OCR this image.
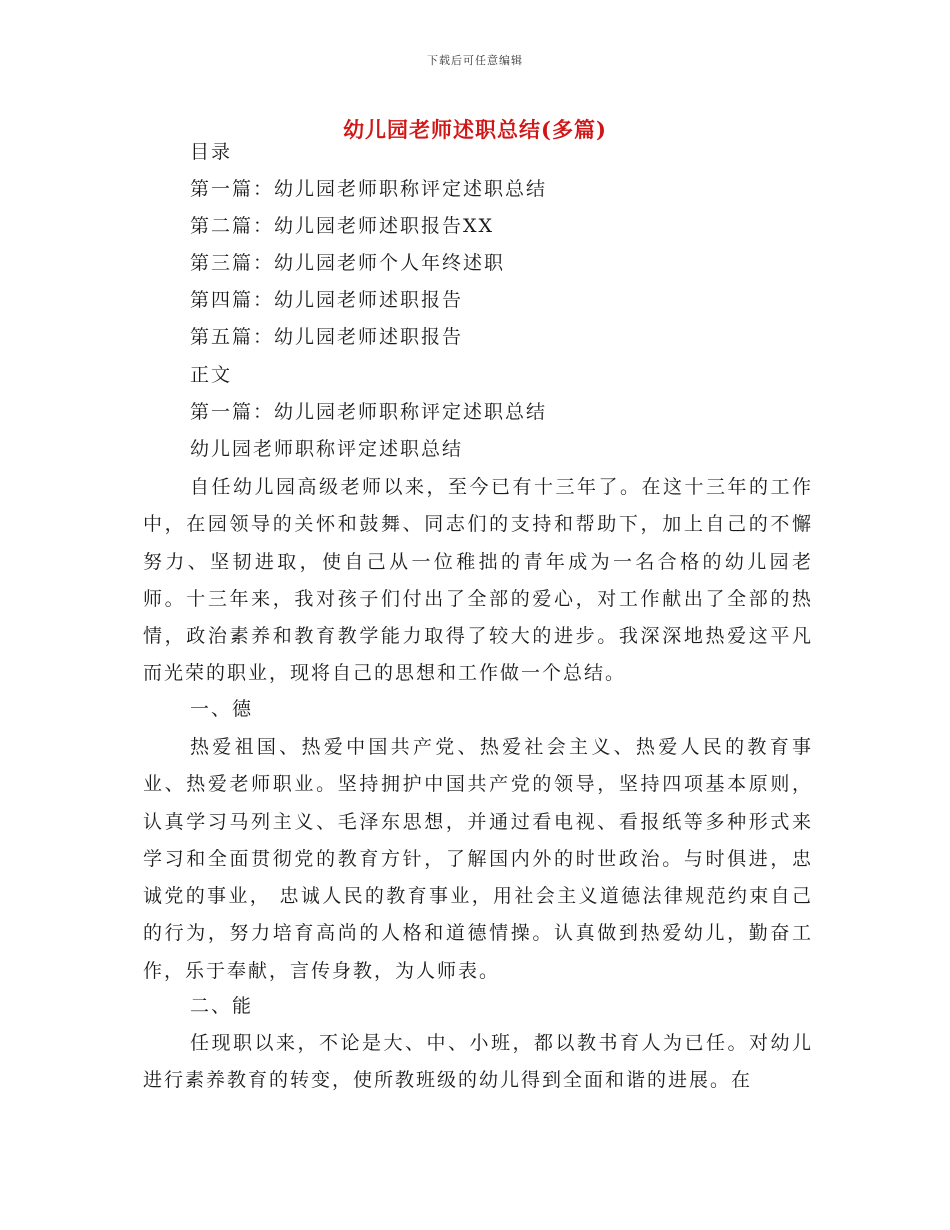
下载后可任意编辑
幼儿园老师述职总结(多篇)
目录
第一篇：幼儿园老师职称评定述职总结
第二篇：幼儿园老师述职报告XX
第三篇：幼儿园老师个人年终述职
第四篇：幼儿园老师述职报告
第五篇：幼儿园老师述职报告
正文
第一篇：幼儿园老师职称评定述职总结
幼儿园老师职称评定述职总结
自任幼儿园高级老师以来，至今已有十三年了。在这十三年的工作中，在园领导的关怀和鼓舞、同志们的支持和帮助下，加上自己的不懈努力、坚韧进取，使自己从一位稚拙的青年成为一名合格的幼儿园老师。十三年来，我对孩子们付出了全部的爱心，对工作献出了全部的热情，政治素养和教育教学能力取得了较大的进步。我深深地热爱这平凡而光荣的职业，现将自己的思想和工作做一个总结。
一、德
热爱祖国、热爱中国共产党、热爱社会主义、热爱人民的教育事业、热爱老师职业。坚持拥护中国共产党的领导，坚持四项基本原则，认真学习马列主义、毛泽东思想，并通过看电视、看报纸等多种形式来学习和全面贯彻党的教育方针，了解国内外的时世政治。与时俱进，忠诚党的事业， 忠诚人民的教育事业，用社会主义道德法律规范约束自己的行为，努力培育高尚的人格和道德情操。认真做到热爱幼儿，勤奋工作，乐于奉献，言传身教，为人师表。
二、能
任现职以来，不论是大、中、小班，都以教书育人为已任。对幼儿进行素养教育的转变，使所教班级的幼儿得到全面和谐的进展。在
